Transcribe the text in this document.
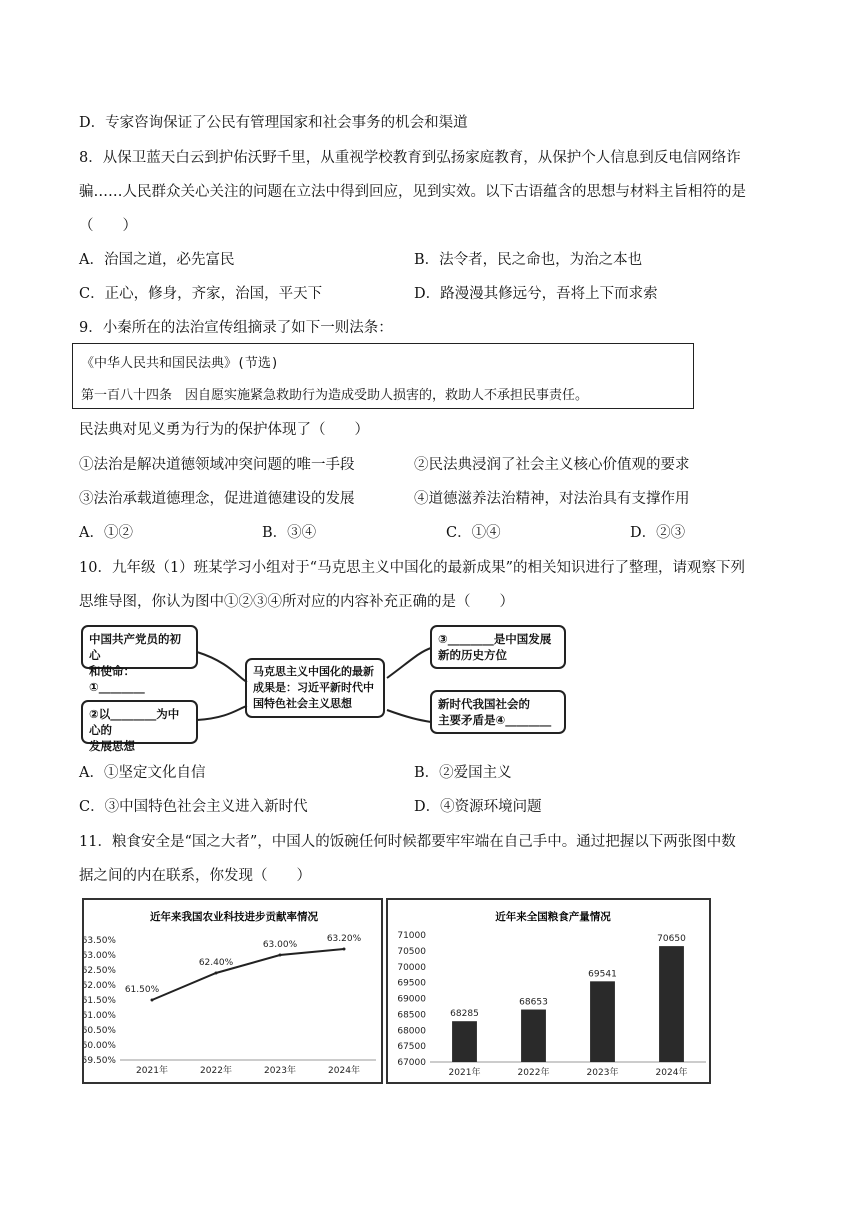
D．专家咨询保证了公民有管理国家和社会事务的机会和渠道
8．从保卫蓝天白云到护佑沃野千里，从重视学校教育到弘扬家庭教育，从保护个人信息到反电信网络诈
骗……人民群众关心关注的问题在立法中得到回应，见到实效。以下古语蕴含的思想与材料主旨相符的是
（　　）
A．治国之道，必先富民	B．法令者，民之命也，为治之本也
C．正心，修身，齐家，治国，平天下	D．路漫漫其修远兮，吾将上下而求索
9．小秦所在的法治宣传组摘录了如下一则法条：
《中华人民共和国民法典》(节选)
第一百八十四条　因自愿实施紧急救助行为造成受助人损害的，救助人不承担民事责任。
民法典对见义勇为行为的保护体现了（　　）
①法治是解决道德领域冲突问题的唯一手段	②民法典浸润了社会主义核心价值观的要求
③法治承载道德理念，促进道德建设的发展	④道德滋养法治精神，对法治具有支撑作用
A．①②	B．③④	C．①④	D．②③
10．九年级（1）班某学习小组对于“马克思主义中国化的最新成果”的相关知识进行了整理，请观察下列
思维导图，你认为图中①②③④所对应的内容补充正确的是（　　）
中国共产党员的初心
和使命：①________
②以________为中心的
发展思想
马克思主义中国化的最新
成果是：习近平新时代中
国特色社会主义思想
③________是中国发展
新的历史方位
新时代我国社会的
主要矛盾是④________
A．①坚定文化自信	B．②爱国主义
C．③中国特色社会主义进入新时代	D．④资源环境问题
11．粮食安全是“国之大者”，中国人的饭碗任何时候都要牢牢端在自己手中。通过把握以下两张图中数
据之间的内在联系，你发现（　　）
近年来我国农业科技进步贡献率情况
63.50%
63.00%
62.50%
62.00%
61.50%
61.00%
60.50%
60.00%
59.50%
2021年	2022年	2023年	2024年
61.50%
62.40%
63.00%
63.20%
近年来全国粮食产量情况
71000
70500
70000
69500
69000
68500
68000
67500
67000
2021年	2022年	2023年	2024年
68285
68653
69541
70650
